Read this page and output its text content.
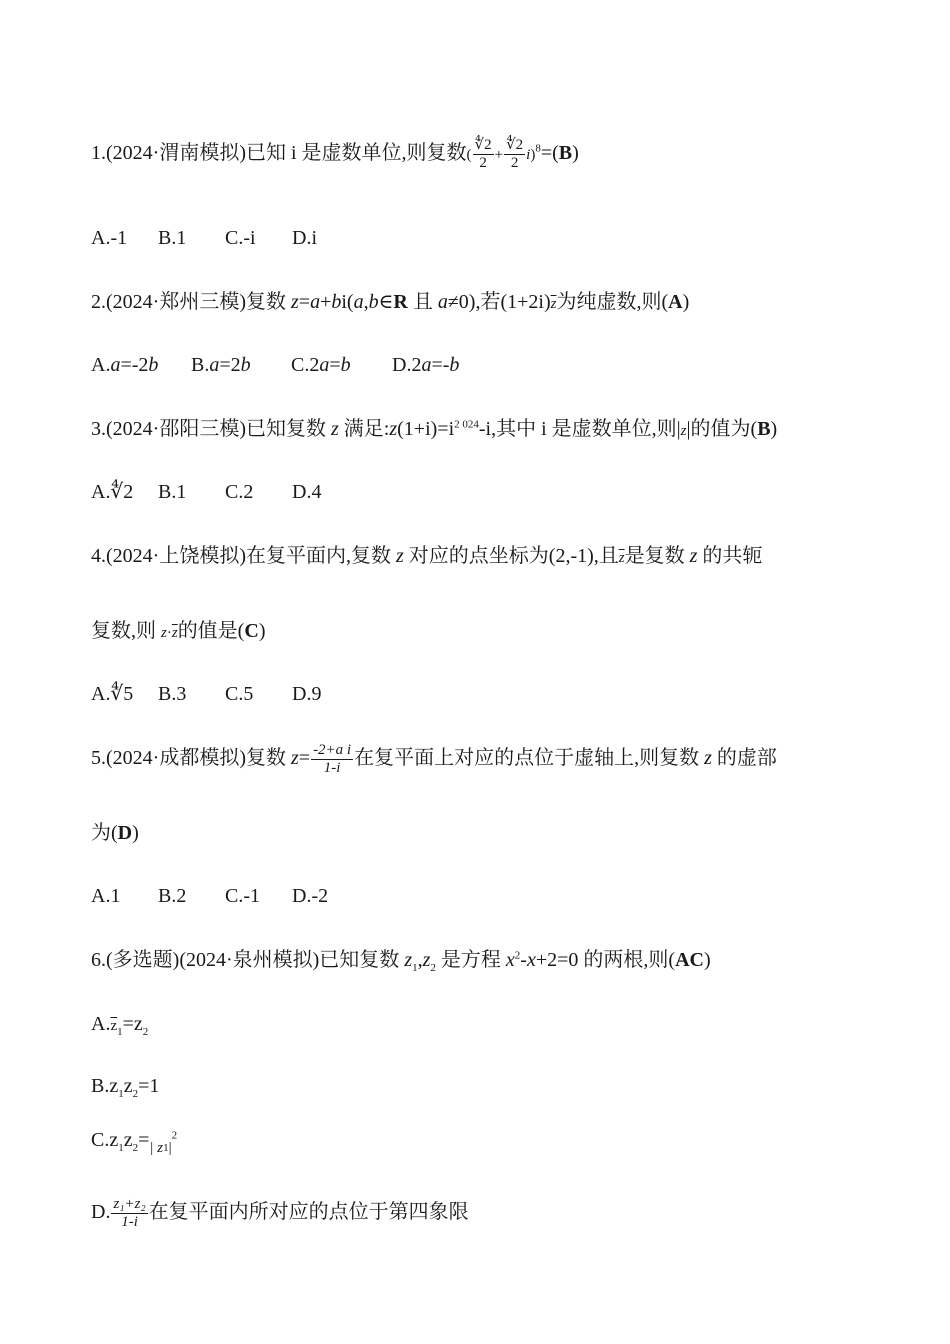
1.(2024·渭南模拟)已知 i 是虚数单位,则复数( $\frac{∜2}{2} + \frac{∜2}{2} i)^8=(B)$
A.-1 B.1 C.-i D.i
2.(2024·郑州三模)复数 z=a+bi(a,b∈R 且 a≠0),若$(1+2i)\overline{z}$为纯虚数,则(A)
A.a=-2b B.a=2b C.2a=b D.2a=-b
3.(2024·邵阳三模)已知复数 z 满足$:z(1+i)=i^{2 024}-i$,其中 i 是虚数单位,则|z|的值为(B)
A.∜2 B.1 C.2 D.4
4.(2024·上饶模拟)在复平面内,复数 z 对应的点坐标为(2,-1),且$\overline{z}$是复数 z 的共轭
复数,则 $z\cdot\overline{z}$的值是(C)
A.∜5 B.3 C.5 D.9
5.(2024·成都模拟)复数 $z= \frac{\text{-2+a i}}{1-i}$ 在复平面上对应的点位于虚轴上,则复数 z 的虚部
为(D)
A.1 B.2 C.-1 D.-2
6.(多选题)(2024·泉州模拟)已知复数 $z_1,z_2$ 是方程 $x^2-x+2=0$ 的两根,则(AC)
$A.\overline{z}_1=z_2$
$B.z_1z_2=1$
$C.z_1z_2=_{| z1|}^2$
D. $\frac{\text{z₁+z₂}}{1-i}$ 在复平面内所对应的点位于第四象限
